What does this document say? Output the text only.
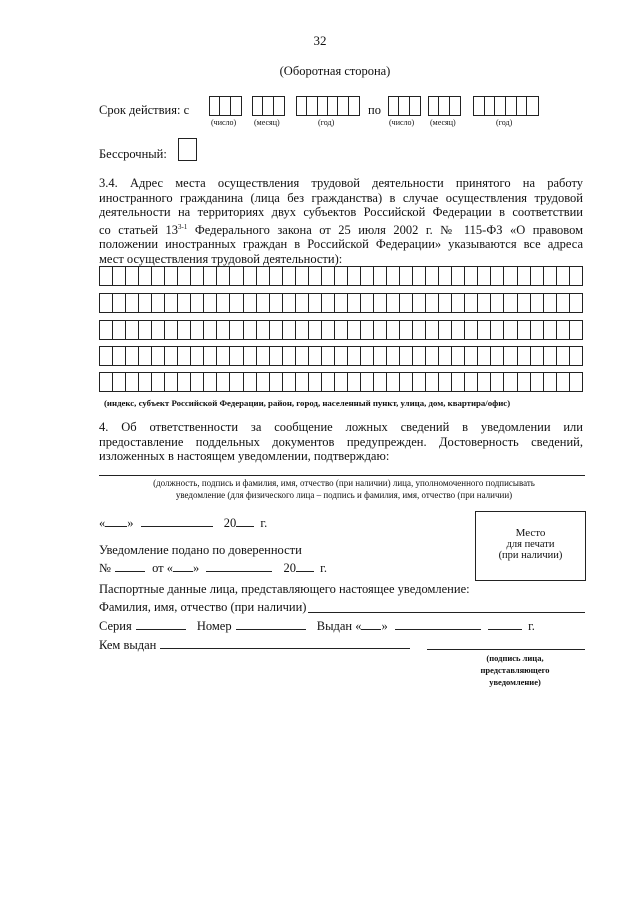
32
(Оборотная сторона)
Срок действия: с	по
(число) (месяц)	(год)	(число) (месяц)	(год)
Бессрочный:
3.4. Адрес места осуществления трудовой деятельности принятого на работу
иностранного гражданина (лица без гражданства) в случае осуществления трудовой
деятельности на территориях двух субъектов Российской Федерации в соответствии
со статьей 13$^{3-1}$ Федерального закона от 25 июля 2002 г. № 115-ФЗ «О правовом
положении иностранных граждан в Российской Федерации» указываются все адреса
мест осуществления трудовой деятельности):
(индекс, субъект Российской Федерации, район, город, населенный пункт, улица, дом, квартира/офис)
4. Об ответственности за сообщение ложных сведений в уведомлении или
предоставление поддельных документов предупрежден. Достоверность сведений,
изложенных в настоящем уведомлении, подтверждаю:
(должность, подпись и фамилия, имя, отчество (при наличии) лица, уполномоченного подписывать
уведомление (для физического лица – подпись и фамилия, имя, отчество (при наличии)
« »	20 г.
Место
для печати
(при наличии)
Уведомление подано по доверенности
№	от « »	20 г.
Паспортные данные лица, представляющего настоящее уведомление:
Фамилия, имя, отчество (при наличии)
Серия	Номер	Выдан « »	г.
Кем выдан
(подпись лица,
представляющего
уведомление)
